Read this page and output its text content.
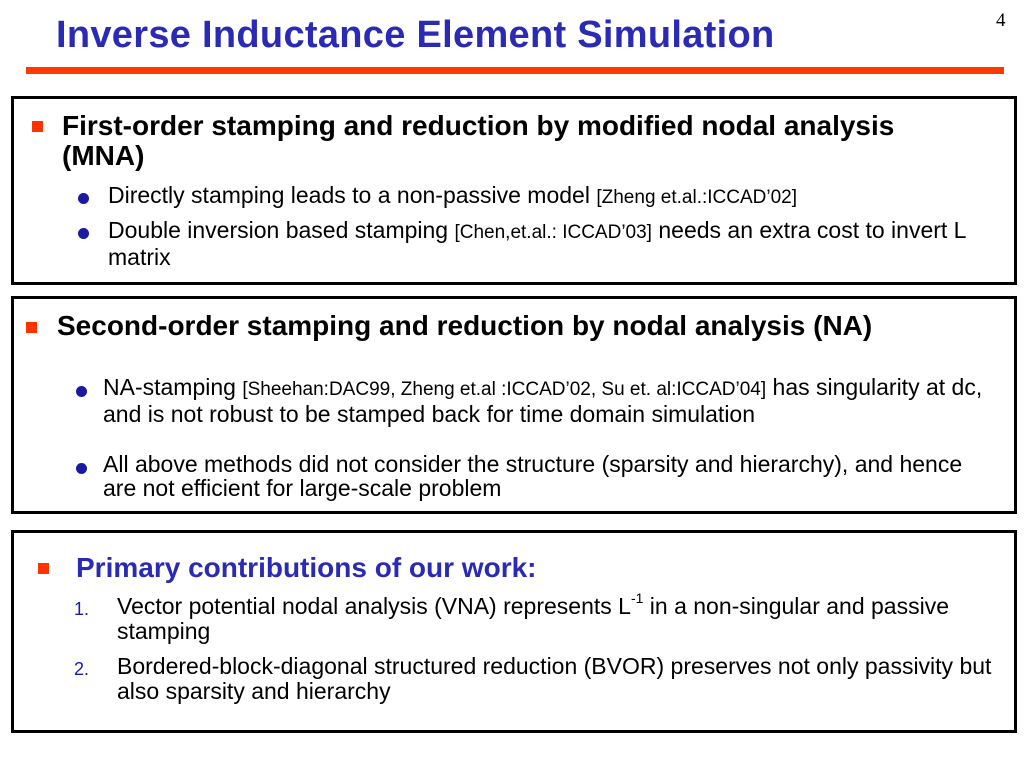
Inverse Inductance Element Simulation	4
First-order stamping and reduction by modified nodal analysis (MNA)
Directly stamping leads to a non-passive model [Zheng et.al.:ICCAD’02]
Double inversion based stamping [Chen,et.al.: ICCAD’03] needs an extra cost to invert L matrix
Second-order stamping and reduction by nodal analysis (NA)
NA-stamping [Sheehan:DAC99, Zheng et.al :ICCAD’02, Su et. al:ICCAD’04] has singularity at dc, and is not robust to be stamped back for time domain simulation
All above methods did not consider the structure (sparsity and hierarchy), and hence are not efficient for large-scale problem
Primary contributions of our work:
1. Vector potential nodal analysis (VNA) represents $L^{-1}$ in a non-singular and passive stamping
2. Bordered-block-diagonal structured reduction (BVOR) preserves not only passivity but also sparsity and hierarchy
